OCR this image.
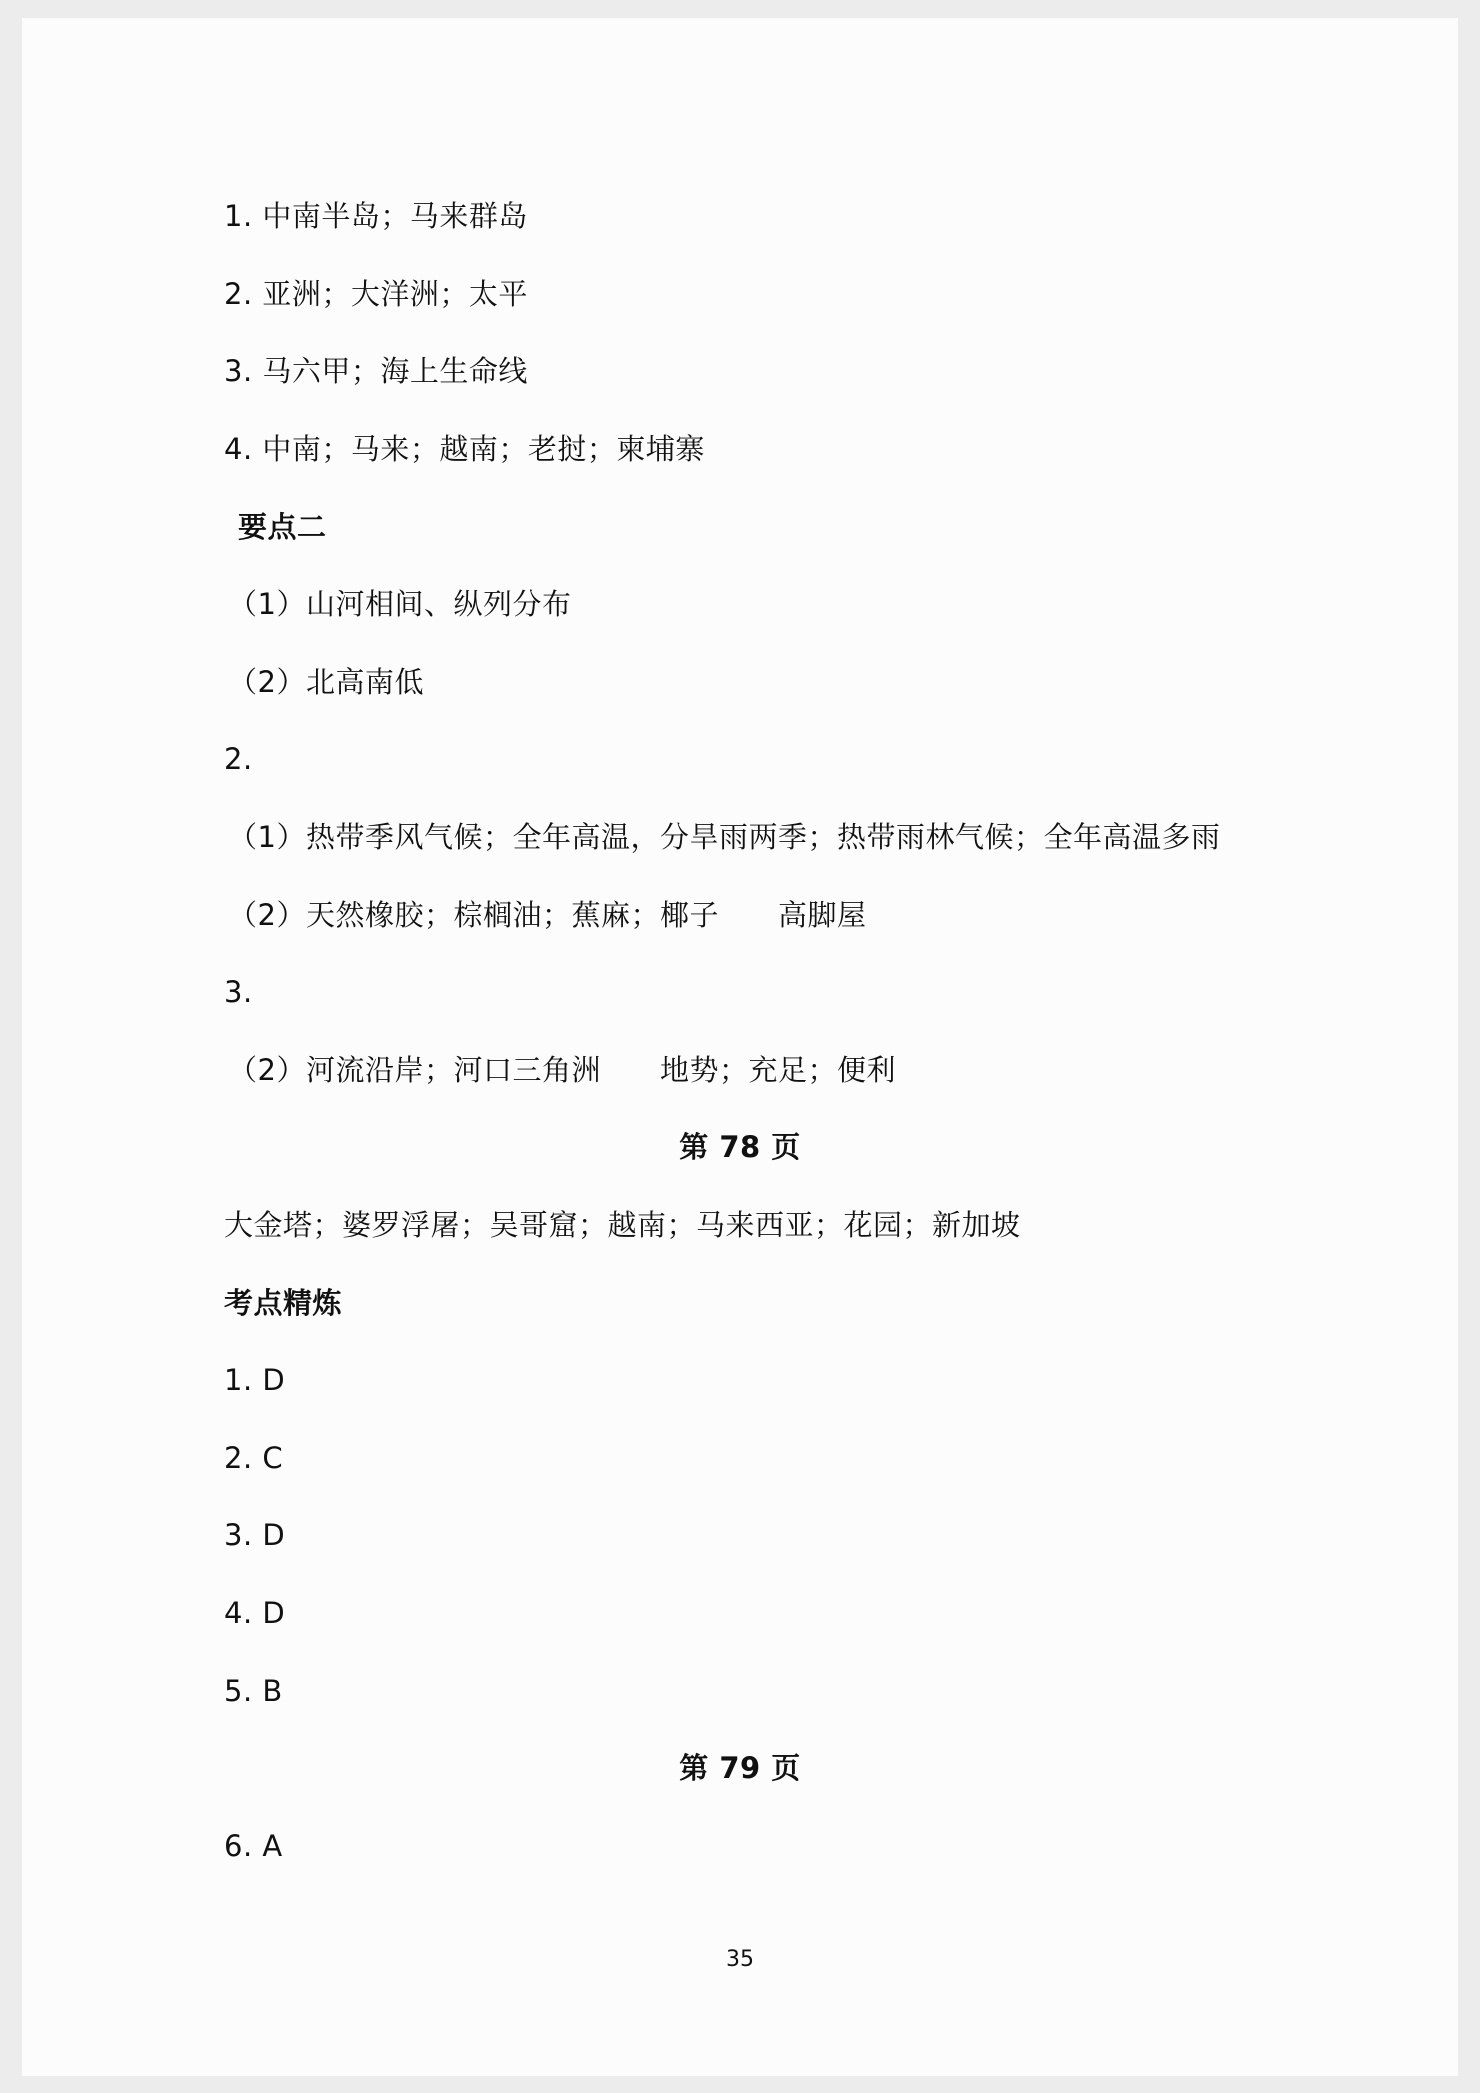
1. 中南半岛；马来群岛
2. 亚洲；大洋洲；太平
3. 马六甲；海上生命线
4. 中南；马来；越南；老挝；柬埔寨
要点二
（1）山河相间、纵列分布
（2）北高南低
2.
（1）热带季风气候；全年高温，分旱雨两季；热带雨林气候；全年高温多雨
（2）天然橡胶；棕榈油；蕉麻；椰子　　高脚屋
3.
（2）河流沿岸；河口三角洲　　地势；充足；便利
第 78 页
大金塔；婆罗浮屠；吴哥窟；越南；马来西亚；花园；新加坡
考点精炼
1. D
2. C
3. D
4. D
5. B
第 79 页
6. A
35
